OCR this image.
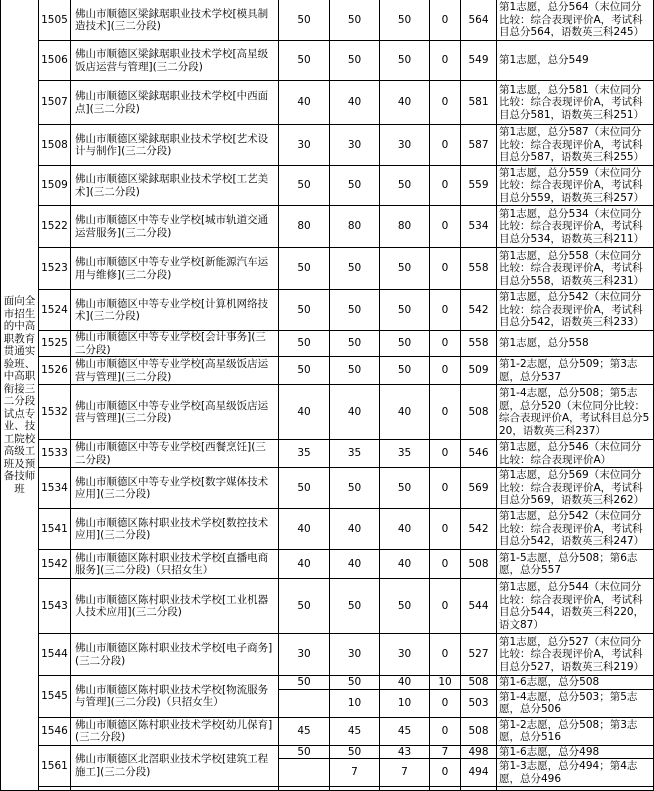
面向全市招生的中高职教育贯通实验班、中高职衔接三二分段试点专业、技工院校高级工班及预备技师班	1505	佛山市顺德区梁銶琚职业技术学校[模具制造技术](三二分段)	50	50	50	0	564	第1志愿，总分564（末位同分比较：综合表现评价A，考试科目总分564，语数英三科245）
	1506	佛山市顺德区梁銶琚职业技术学校[高星级饭店运营与管理](三二分段)	50	50	50	0	549	第1志愿，总分549
	1507	佛山市顺德区梁銶琚职业技术学校[中西面点](三二分段)	40	40	40	0	581	第1志愿，总分581（末位同分比较：综合表现评价A，考试科目总分581，语数英三科251）
	1508	佛山市顺德区梁銶琚职业技术学校[艺术设计与制作](三二分段)	30	30	30	0	587	第1志愿，总分587（末位同分比较：综合表现评价A，考试科目总分587，语数英三科255）
	1509	佛山市顺德区梁銶琚职业技术学校[工艺美术](三二分段)	50	50	50	0	559	第1志愿，总分559（末位同分比较：综合表现评价A，考试科目总分559，语数英三科257）
	1522	佛山市顺德区中等专业学校[城市轨道交通运营服务](三二分段)	80	80	80	0	534	第1志愿，总分534（末位同分比较：综合表现评价A，考试科目总分534，语数英三科211）
	1523	佛山市顺德区中等专业学校[新能源汽车运用与维修](三二分段)	50	50	50	0	558	第1志愿，总分558（末位同分比较：综合表现评价A，考试科目总分558，语数英三科231）
	1524	佛山市顺德区中等专业学校[计算机网络技术](三二分段)	50	50	50	0	542	第1志愿，总分542（末位同分比较：综合表现评价A，考试科目总分542，语数英三科233）
	1525	佛山市顺德区中等专业学校[会计事务](三二分段)	50	50	50	0	558	第1志愿，总分558
	1526	佛山市顺德区中等专业学校[高星级饭店运营与管理](三二分段)	50	50	50	0	509	第1-2志愿，总分509；第3志愿，总分537
	1532	佛山市顺德区中等专业学校[高星级饭店运营与管理](三二分段)	40	40	40	0	508	第1-4志愿，总分508；第5志愿，总分520（末位同分比较：综合表现评价A，考试科目总分520，语数英三科237）
	1533	佛山市顺德区中等专业学校[西餐烹饪](三二分段)	35	35	35	0	546	第1志愿，总分546（末位同分比较：综合表现评价A）
	1534	佛山市顺德区中等专业学校[数字媒体技术应用](三二分段)	50	50	50	0	569	第1志愿，总分569（末位同分比较：综合表现评价A，考试科目总分569，语数英三科262）
	1541	佛山市顺德区陈村职业技术学校[数控技术应用](三二分段)	40	40	40	0	542	第1志愿，总分542（末位同分比较：综合表现评价A，考试科目总分542，语数英三科247）
	1542	佛山市顺德区陈村职业技术学校[直播电商服务](三二分段)（只招女生）	40	40	40	0	508	第1-5志愿，总分508；第6志愿，总分557
	1543	佛山市顺德区陈村职业技术学校[工业机器人技术应用](三二分段)	50	50	50	0	544	第1志愿，总分544（末位同分比较：综合表现评价A，考试科目总分544，语数英三科220，语文87）
	1544	佛山市顺德区陈村职业技术学校[电子商务](三二分段)	30	30	30	0	527	第1志愿，总分527（末位同分比较：综合表现评价A，考试科目总分527，语数英三科219）
	1545	佛山市顺德区陈村职业技术学校[物流服务与管理](三二分段)（只招女生）	50	50	40	10	508	第1-6志愿，总分508
				10	10	0	503	第1-4志愿，总分503；第5志愿，总分506
	1546	佛山市顺德区陈村职业技术学校[幼儿保育](三二分段)	45	45	45	0	508	第1-2志愿，总分508；第3志愿，总分516
	1561	佛山市顺德区北滘职业技术学校[建筑工程施工](三二分段)	50	50	43	7	498	第1-6志愿，总分498
				7	7	0	494	第1-3志愿，总分494；第4志愿，总分496
